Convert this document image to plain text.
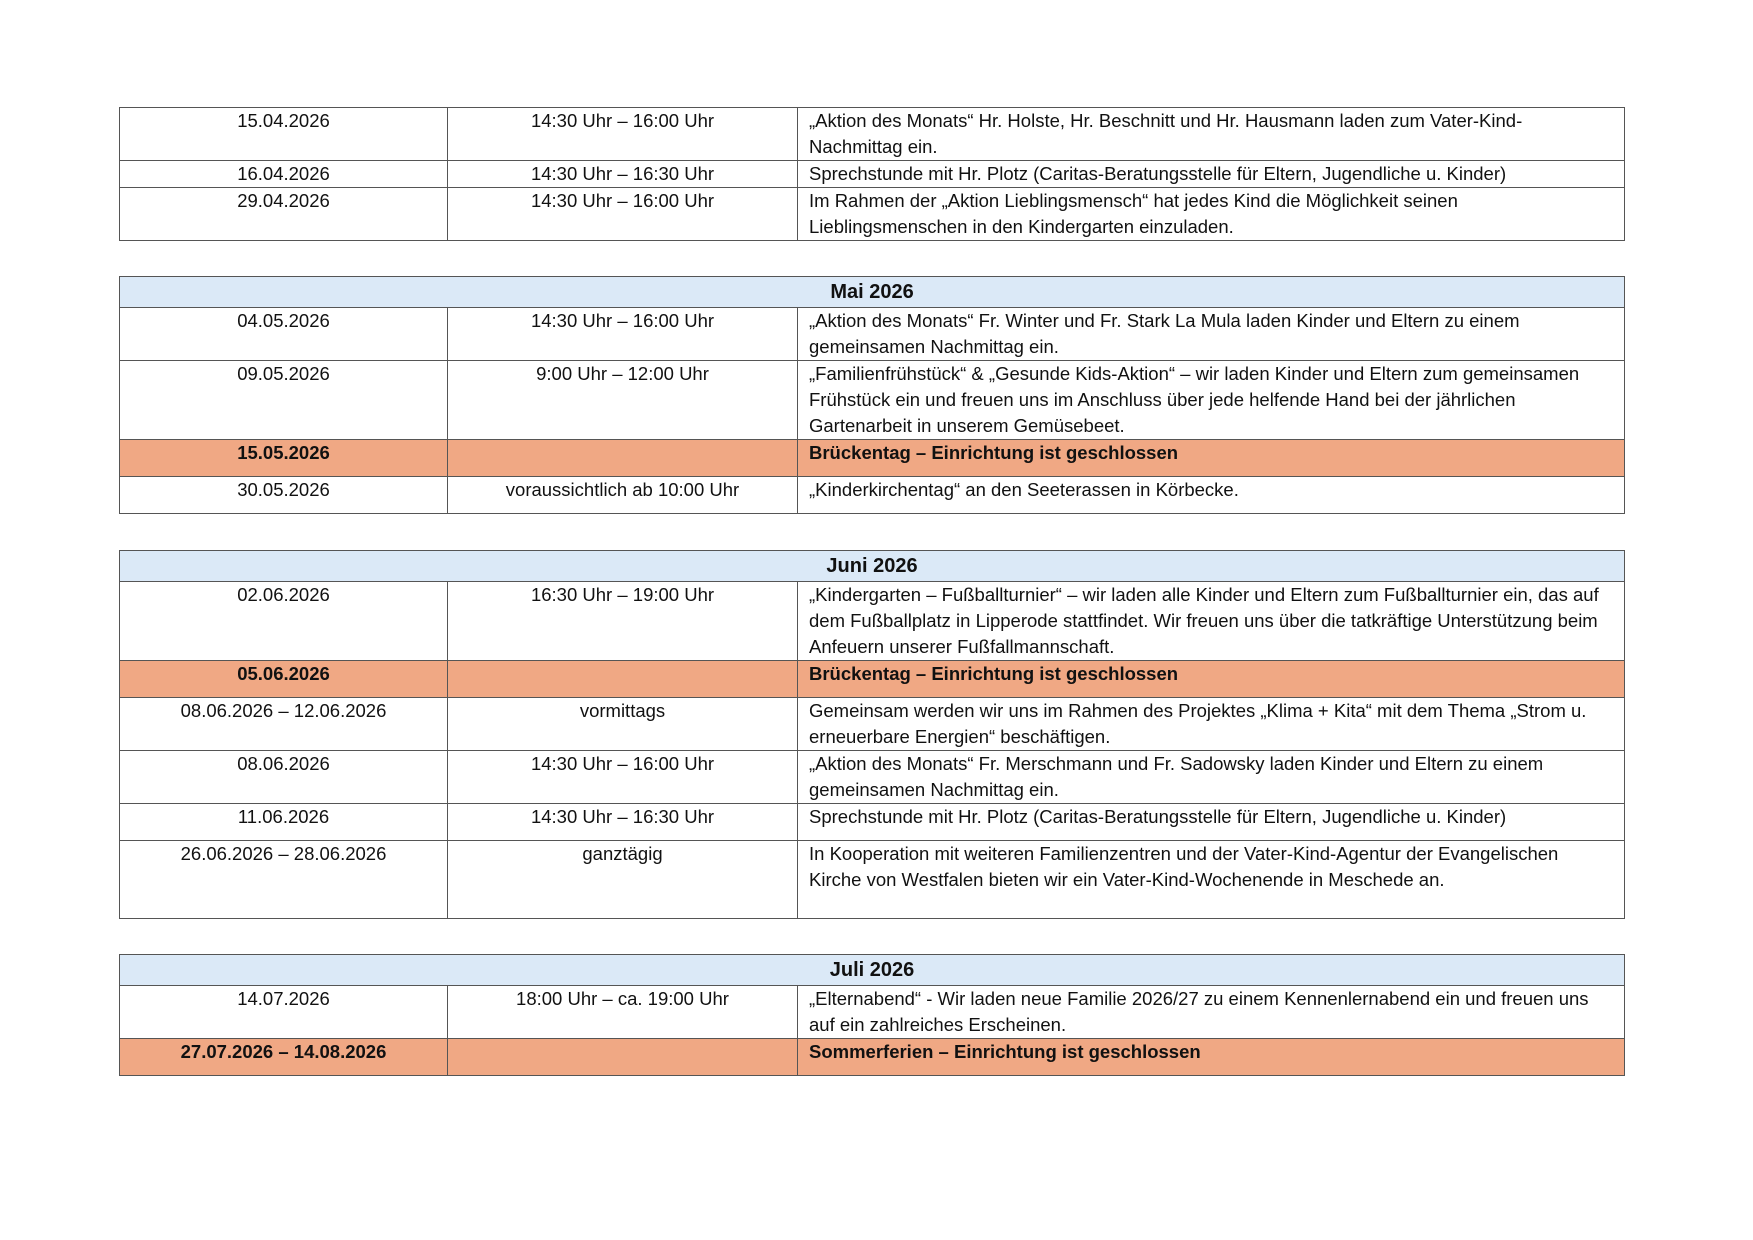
15.04.2026	14:30 Uhr – 16:00 Uhr	„Aktion des Monats“ Hr. Holste, Hr. Beschnitt und Hr. Hausmann laden zum Vater-Kind-Nachmittag ein.
16.04.2026	14:30 Uhr – 16:30 Uhr	Sprechstunde mit Hr. Plotz (Caritas-Beratungsstelle für Eltern, Jugendliche u. Kinder)
29.04.2026	14:30 Uhr – 16:00 Uhr	Im Rahmen der „Aktion Lieblingsmensch“ hat jedes Kind die Möglichkeit seinen Lieblingsmenschen in den Kindergarten einzuladen.
Mai 2026		
04.05.2026	14:30 Uhr – 16:00 Uhr	„Aktion des Monats“ Fr. Winter und Fr. Stark La Mula laden Kinder und Eltern zu einem gemeinsamen Nachmittag ein.
09.05.2026	9:00 Uhr – 12:00 Uhr	„Familienfrühstück“ & „Gesunde Kids-Aktion“ – wir laden Kinder und Eltern zum gemeinsamen Frühstück ein und freuen uns im Anschluss über jede helfende Hand bei der jährlichen Gartenarbeit in unserem Gemüsebeet.
15.05.2026		Brückentag – Einrichtung ist geschlossen
30.05.2026	voraussichtlich ab 10:00 Uhr	„Kinderkirchentag“ an den Seeterassen in Körbecke.
Juni 2026		
02.06.2026	16:30 Uhr – 19:00 Uhr	„Kindergarten – Fußballturnier“ – wir laden alle Kinder und Eltern zum Fußballturnier ein, das auf dem Fußballplatz in Lipperode stattfindet. Wir freuen uns über die tatkräftige Unterstützung beim Anfeuern unserer Fußfallmannschaft.
05.06.2026		Brückentag – Einrichtung ist geschlossen
08.06.2026 – 12.06.2026	vormittags	Gemeinsam werden wir uns im Rahmen des Projektes „Klima + Kita“ mit dem Thema „Strom u. erneuerbare Energien“ beschäftigen.
08.06.2026	14:30 Uhr – 16:00 Uhr	„Aktion des Monats“ Fr. Merschmann und Fr. Sadowsky laden Kinder und Eltern zu einem gemeinsamen Nachmittag ein.
11.06.2026	14:30 Uhr – 16:30 Uhr	Sprechstunde mit Hr. Plotz (Caritas-Beratungsstelle für Eltern, Jugendliche u. Kinder)
26.06.2026 – 28.06.2026	ganztägig	In Kooperation mit weiteren Familienzentren und der Vater-Kind-Agentur der Evangelischen Kirche von Westfalen bieten wir ein Vater-Kind-Wochenende in Meschede an.
Juli 2026		
14.07.2026	18:00 Uhr – ca. 19:00 Uhr	„Elternabend“ - Wir laden neue Familie 2026/27 zu einem Kennenlernabend ein und freuen uns auf ein zahlreiches Erscheinen.
27.07.2026 – 14.08.2026		Sommerferien – Einrichtung ist geschlossen
